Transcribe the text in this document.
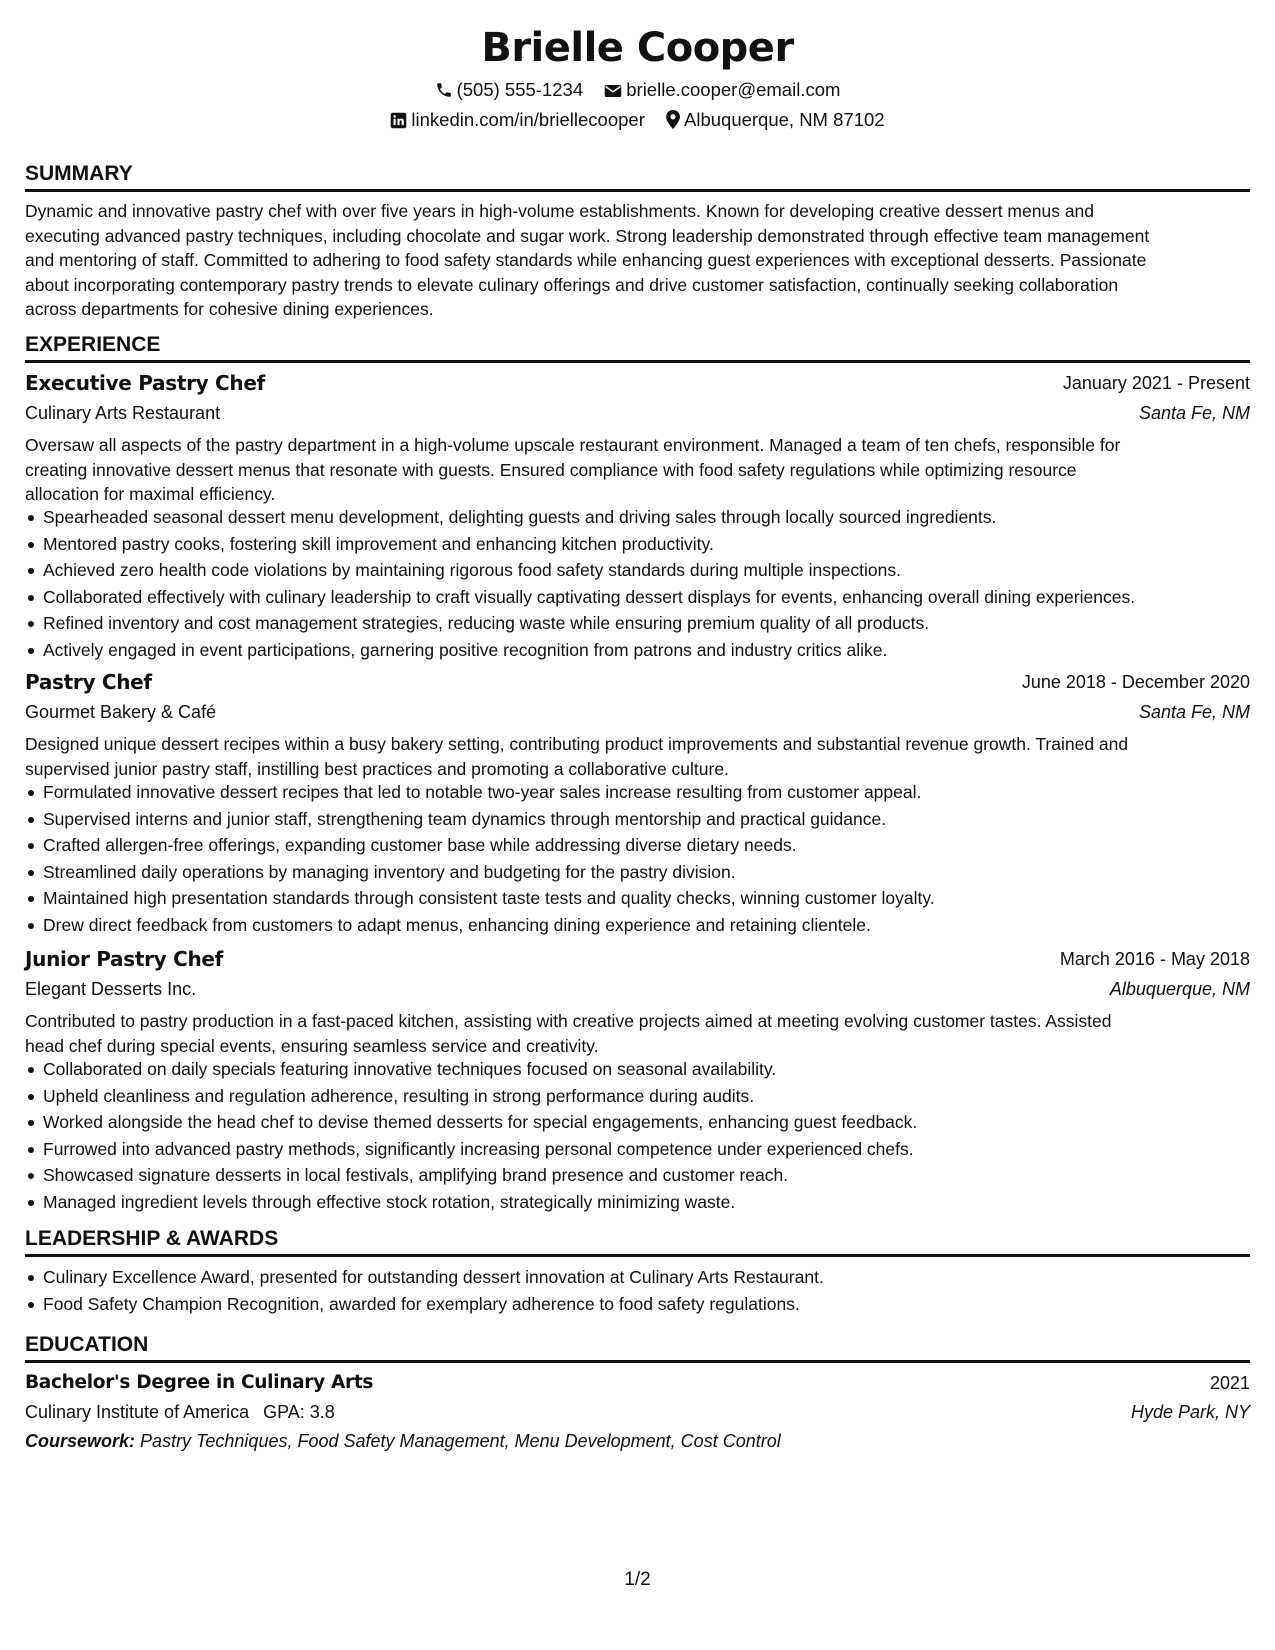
Brielle Cooper
(505) 555-1234 brielle.cooper@email.com
linkedin.com/in/briellecooper Albuquerque, NM 87102
SUMMARY
Dynamic and innovative pastry chef with over five years in high-volume establishments. Known for developing creative dessert menus and
executing advanced pastry techniques, including chocolate and sugar work. Strong leadership demonstrated through effective team management
and mentoring of staff. Committed to adhering to food safety standards while enhancing guest experiences with exceptional desserts. Passionate
about incorporating contemporary pastry trends to elevate culinary offerings and drive customer satisfaction, continually seeking collaboration
across departments for cohesive dining experiences.
EXPERIENCE
Executive Pastry Chef	January 2021 - Present
Culinary Arts Restaurant	Santa Fe, NM
Oversaw all aspects of the pastry department in a high-volume upscale restaurant environment. Managed a team of ten chefs, responsible for
creating innovative dessert menus that resonate with guests. Ensured compliance with food safety regulations while optimizing resource
allocation for maximal efficiency.
Spearheaded seasonal dessert menu development, delighting guests and driving sales through locally sourced ingredients.
Mentored pastry cooks, fostering skill improvement and enhancing kitchen productivity.
Achieved zero health code violations by maintaining rigorous food safety standards during multiple inspections.
Collaborated effectively with culinary leadership to craft visually captivating dessert displays for events, enhancing overall dining experiences.
Refined inventory and cost management strategies, reducing waste while ensuring premium quality of all products.
Actively engaged in event participations, garnering positive recognition from patrons and industry critics alike.
Pastry Chef	June 2018 - December 2020
Gourmet Bakery & Café	Santa Fe, NM
Designed unique dessert recipes within a busy bakery setting, contributing product improvements and substantial revenue growth. Trained and
supervised junior pastry staff, instilling best practices and promoting a collaborative culture.
Formulated innovative dessert recipes that led to notable two-year sales increase resulting from customer appeal.
Supervised interns and junior staff, strengthening team dynamics through mentorship and practical guidance.
Crafted allergen-free offerings, expanding customer base while addressing diverse dietary needs.
Streamlined daily operations by managing inventory and budgeting for the pastry division.
Maintained high presentation standards through consistent taste tests and quality checks, winning customer loyalty.
Drew direct feedback from customers to adapt menus, enhancing dining experience and retaining clientele.
Junior Pastry Chef	March 2016 - May 2018
Elegant Desserts Inc.	Albuquerque, NM
Contributed to pastry production in a fast-paced kitchen, assisting with creative projects aimed at meeting evolving customer tastes. Assisted
head chef during special events, ensuring seamless service and creativity.
Collaborated on daily specials featuring innovative techniques focused on seasonal availability.
Upheld cleanliness and regulation adherence, resulting in strong performance during audits.
Worked alongside the head chef to devise themed desserts for special engagements, enhancing guest feedback.
Furrowed into advanced pastry methods, significantly increasing personal competence under experienced chefs.
Showcased signature desserts in local festivals, amplifying brand presence and customer reach.
Managed ingredient levels through effective stock rotation, strategically minimizing waste.
LEADERSHIP & AWARDS
Culinary Excellence Award, presented for outstanding dessert innovation at Culinary Arts Restaurant.
Food Safety Champion Recognition, awarded for exemplary adherence to food safety regulations.
EDUCATION
Bachelor's Degree in Culinary Arts	2021
Culinary Institute of America GPA: 3.8	Hyde Park, NY
Coursework: Pastry Techniques, Food Safety Management, Menu Development, Cost Control
1/2
